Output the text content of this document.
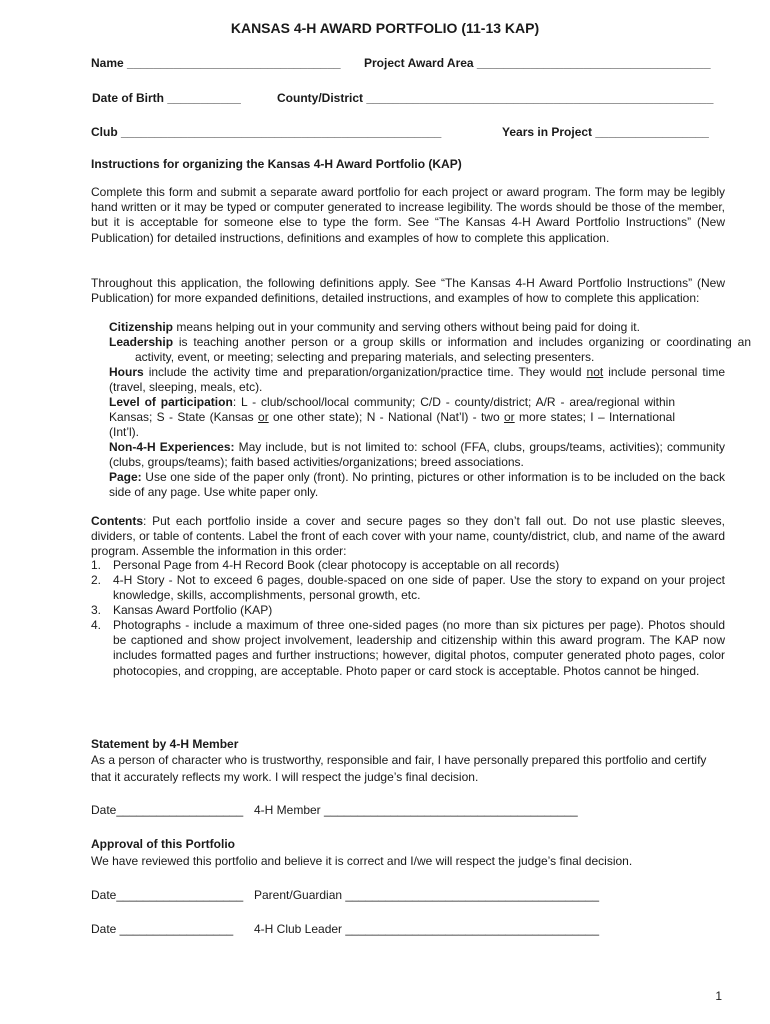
KANSAS 4-H AWARD PORTFOLIO (11-13 KAP)
Name ________________________________ Project Award Area ___________________________________
Date of Birth ___________	County/District ____________________________________________________
Club ________________________________________________	Years in Project _________________
Instructions for organizing the Kansas 4-H Award Portfolio (KAP)
Complete this form and submit a separate award portfolio for each project or award program. The form may be legibly hand written or it may be typed or computer generated to increase legibility. The words should be those of the member, but it is acceptable for someone else to type the form. See “The Kansas 4-H Award Portfolio Instructions” (New Publication) for detailed instructions, definitions and examples of how to complete this application.
Throughout this application, the following definitions apply. See “The Kansas 4-H Award Portfolio Instructions” (New Publication) for more expanded definitions, detailed instructions, and examples of how to complete this application:
Citizenship means helping out in your community and serving others without being paid for doing it.
Leadership is teaching another person or a group skills or information and includes organizing or coordinating an activity, event, or meeting; selecting and preparing materials, and selecting presenters.
Hours include the activity time and preparation/organization/practice time. They would not include personal time (travel, sleeping, meals, etc).
Level of participation: L - club/school/local community; C/D - county/district; A/R - area/regional within Kansas; S - State (Kansas or one other state); N - National (Nat’l) - two or more states; I – International (Int’l).
Non-4-H Experiences: May include, but is not limited to: school (FFA, clubs, groups/teams, activities); community (clubs, groups/teams); faith based activities/organizations; breed associations.
Page: Use one side of the paper only (front). No printing, pictures or other information is to be included on the back side of any page. Use white paper only.
Contents: Put each portfolio inside a cover and secure pages so they don’t fall out. Do not use plastic sleeves, dividers, or table of contents. Label the front of each cover with your name, county/district, club, and name of the award program. Assemble the information in this order:
1. Personal Page from 4-H Record Book (clear photocopy is acceptable on all records)
2. 4-H Story - Not to exceed 6 pages, double-spaced on one side of paper. Use the story to expand on your project knowledge, skills, accomplishments, personal growth, etc.
3. Kansas Award Portfolio (KAP)
4. Photographs - include a maximum of three one-sided pages (no more than six pictures per page). Photos should be captioned and show project involvement, leadership and citizenship within this award program. The KAP now includes formatted pages and further instructions; however, digital photos, computer generated photo pages, color photocopies, and cropping, are acceptable. Photo paper or card stock is acceptable. Photos cannot be hinged.
Statement by 4-H Member
As a person of character who is trustworthy, responsible and fair, I have personally prepared this portfolio and certify that it accurately reflects my work. I will respect the judge’s final decision.
Date___________________ 4-H Member ______________________________________
Approval of this Portfolio
We have reviewed this portfolio and believe it is correct and I/we will respect the judge’s final decision.
Date___________________ Parent/Guardian ______________________________________
Date _________________ 4-H Club Leader ______________________________________
1
